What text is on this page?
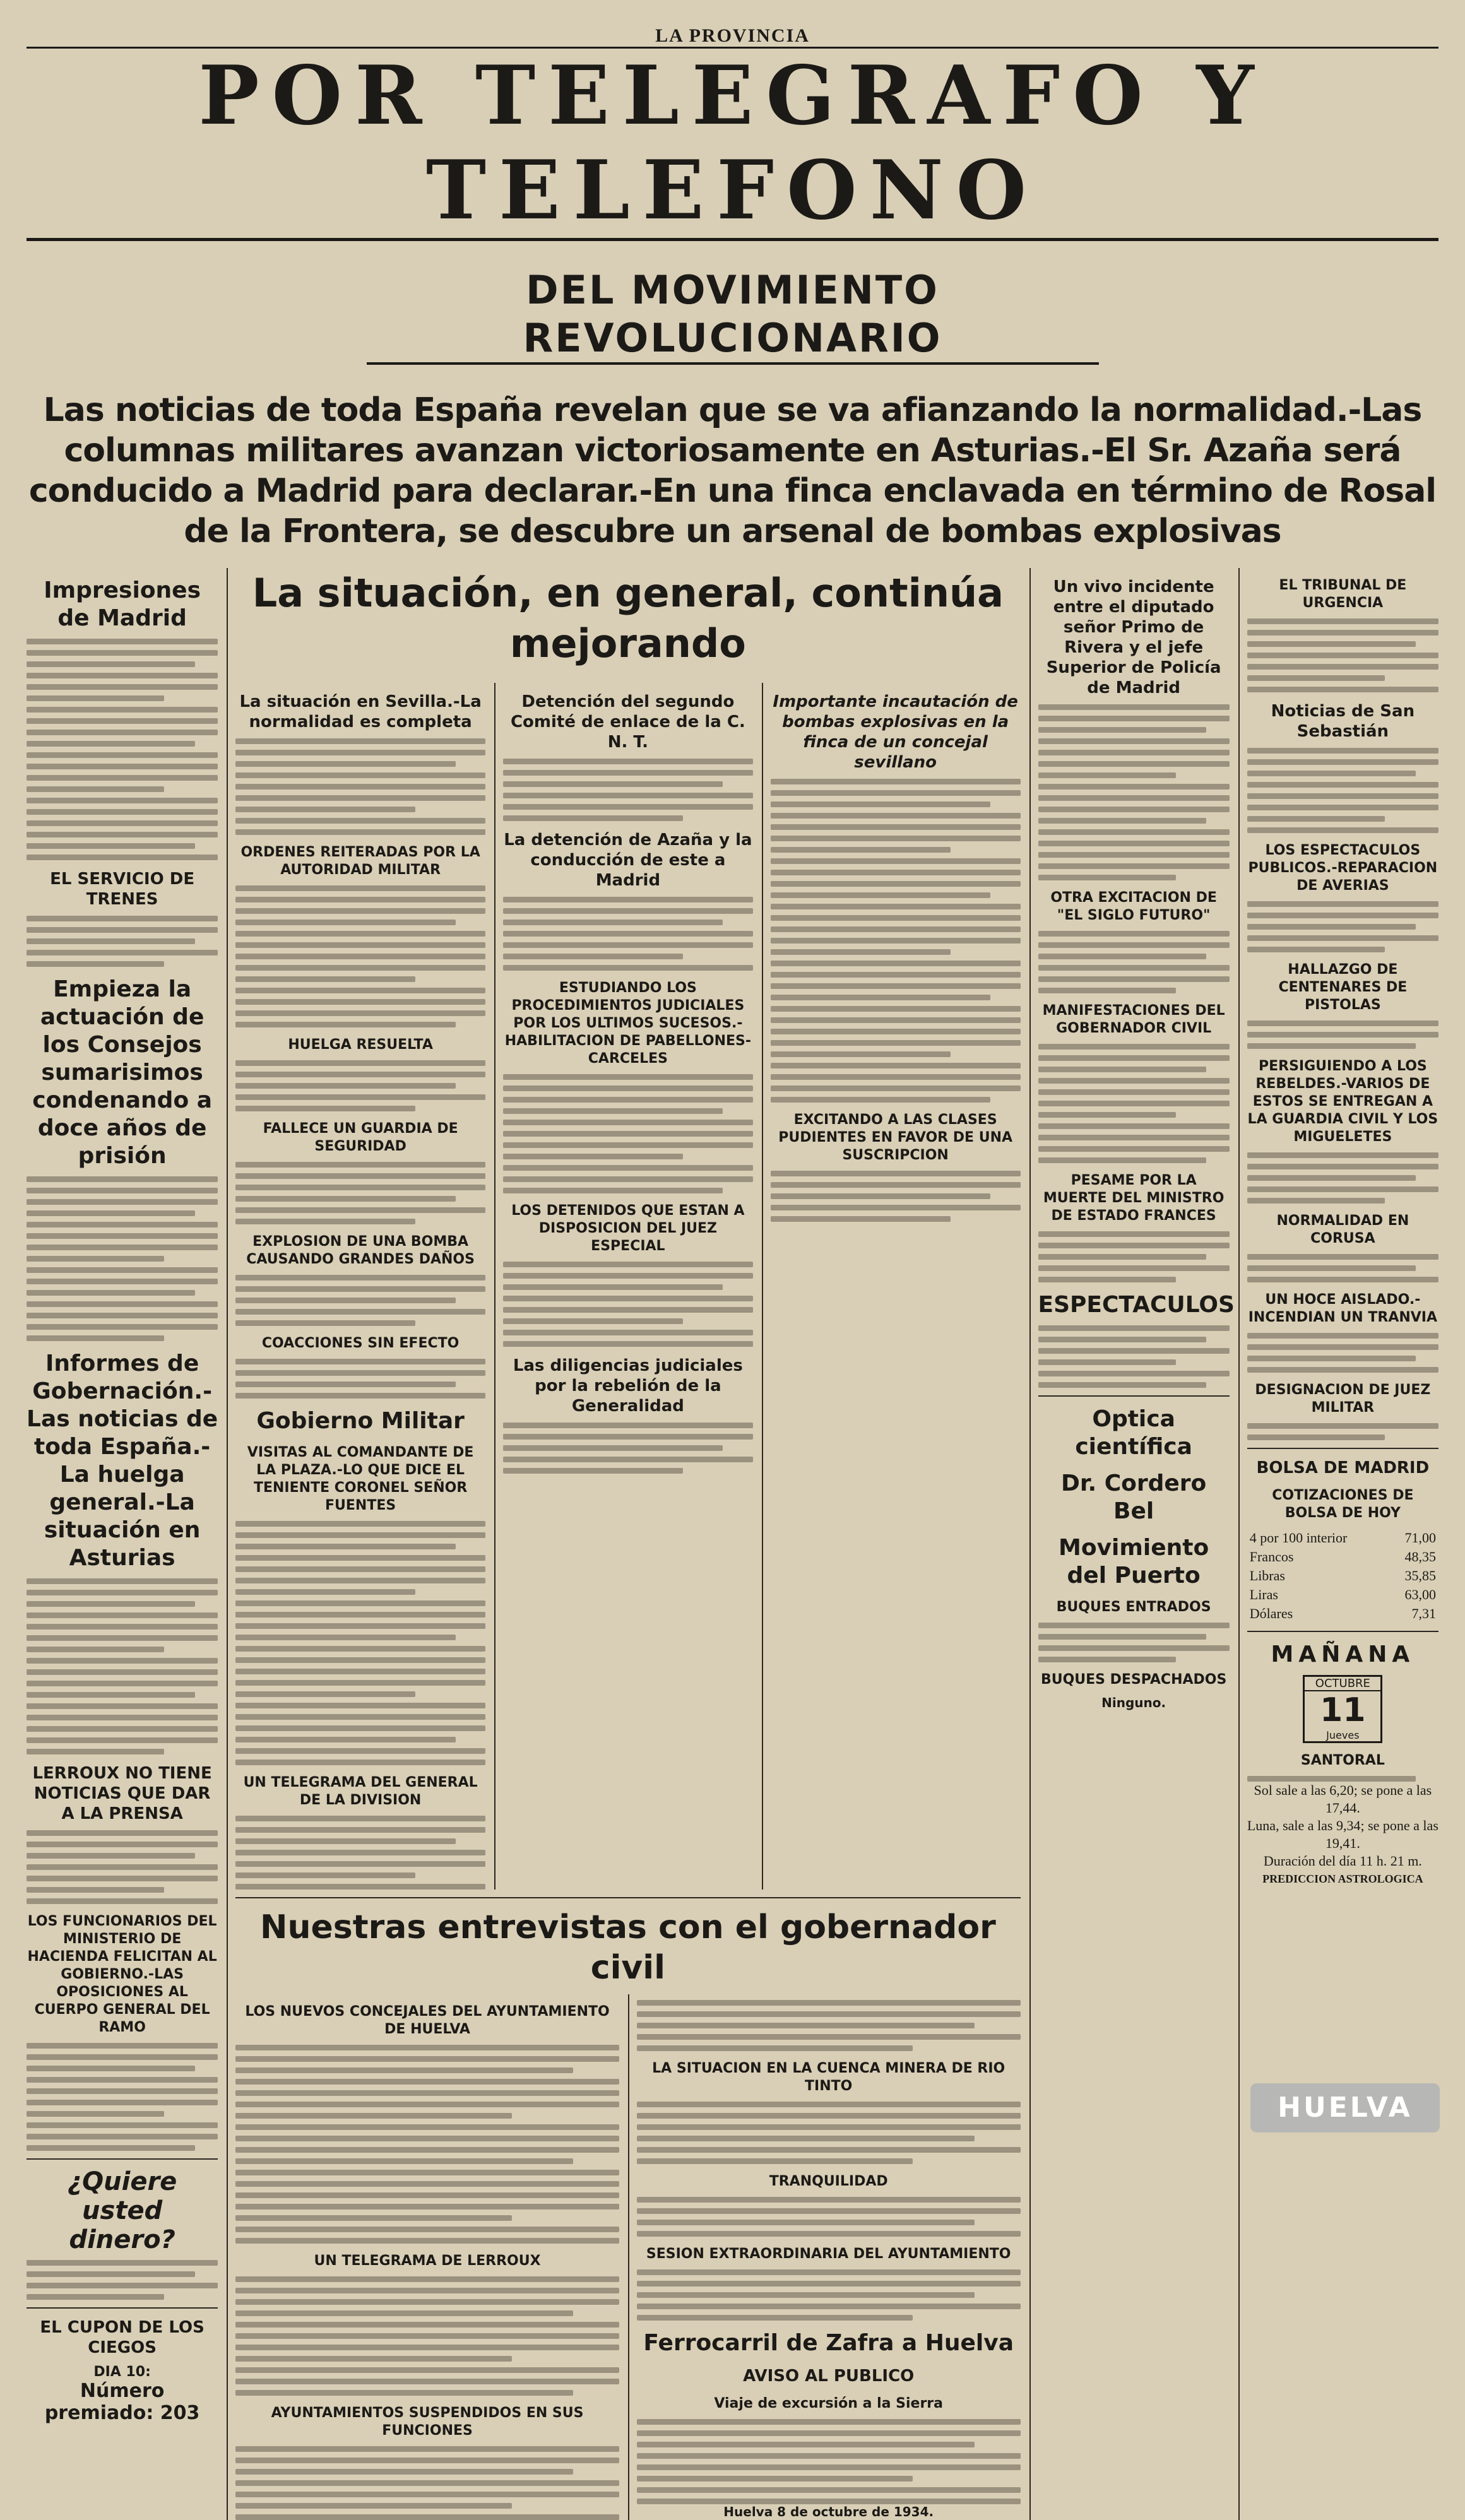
LA PROVINCIA
POR TELEGRAFO Y TELEFONO
DEL MOVIMIENTO REVOLUCIONARIO
Las noticias de toda España revelan que se va afianzando la normalidad.-Las columnas militares avanzan victoriosamente en Asturias.-El Sr. Azaña será conducido a Madrid para declarar.-En una finca enclavada en término de Rosal de la Frontera, se descubre un arsenal de bombas explosivas
Impresiones de Madrid
EL SERVICIO DE TRENES
Empieza la actuación de los Consejos sumarisimos condenando a doce años de prisión
Informes de Gobernación.-Las noticias de toda España.-La huelga general.-La situación en Asturias
LERROUX NO TIENE NOTICIAS QUE DAR A LA PRENSA
LOS FUNCIONARIOS DEL MINISTERIO DE HACIENDA FELICITAN AL GOBIERNO.-LAS OPOSICIONES AL CUERPO GENERAL DEL RAMO
¿Quiere usted dinero?
EL CUPON DE LOS CIEGOS
DIA 10:
Número premiado: 203
La situación, en general, continúa mejorando
La situación en Sevilla.-La normalidad es completa
ORDENES REITERADAS POR LA AUTORIDAD MILITAR
HUELGA RESUELTA
FALLECE UN GUARDIA DE SEGURIDAD
EXPLOSION DE UNA BOMBA CAUSANDO GRANDES DAÑOS
COACCIONES SIN EFECTO
Gobierno Militar
VISITAS AL COMANDANTE DE LA PLAZA.-LO QUE DICE EL TENIENTE CORONEL SEÑOR FUENTES
UN TELEGRAMA DEL GENERAL DE LA DIVISION
Detención del segundo Comité de enlace de la C. N. T.
La detención de Azaña y la conducción de este a Madrid
ESTUDIANDO LOS PROCEDIMIENTOS JUDICIALES POR LOS ULTIMOS SUCESOS.-HABILITACION DE PABELLONES-CARCELES
LOS DETENIDOS QUE ESTAN A DISPOSICION DEL JUEZ ESPECIAL
Las diligencias judiciales por la rebelión de la Generalidad
Importante incautación de bombas explosivas en la finca de un concejal sevillano
EXCITANDO A LAS CLASES PUDIENTES EN FAVOR DE UNA SUSCRIPCION
Nuestras entrevistas con el gobernador civil
LOS NUEVOS CONCEJALES DEL AYUNTAMIENTO DE HUELVA
UN TELEGRAMA DE LERROUX
AYUNTAMIENTOS SUSPENDIDOS EN SUS FUNCIONES
LA SITUACION EN LA CUENCA MINERA DE RIO TINTO
TRANQUILIDAD
SESION EXTRAORDINARIA DEL AYUNTAMIENTO
Ferrocarril de Zafra a Huelva
AVISO AL PUBLICO
Viaje de excursión a la Sierra
Huelva 8 de octubre de 1934.
Un vivo incidente entre el diputado señor Primo de Rivera y el jefe Superior de Policía de Madrid
OTRA EXCITACION DE "EL SIGLO FUTURO"
MANIFESTACIONES DEL GOBERNADOR CIVIL
PESAME POR LA MUERTE DEL MINISTRO DE ESTADO FRANCES
ESPECTACULOS
Optica científica
Dr. Cordero Bel
Movimiento del Puerto
BUQUES ENTRADOS
BUQUES DESPACHADOS
Ninguno.
EL TRIBUNAL DE URGENCIA
Noticias de San Sebastián
LOS ESPECTACULOS PUBLICOS.-REPARACION DE AVERIAS
HALLAZGO DE CENTENARES DE PISTOLAS
PERSIGUIENDO A LOS REBELDES.-VARIOS DE ESTOS SE ENTREGAN A LA GUARDIA CIVIL Y LOS MIGUELETES
NORMALIDAD EN CORUSA
UN HOCE AISLADO.-INCENDIAN UN TRANVIA
DESIGNACION DE JUEZ MILITAR
BOLSA DE MADRID
COTIZACIONES DE BOLSA DE HOY
4 por 100 interior	71,00
Francos	48,35
Libras	35,85
Liras	63,00
Dólares	7,31
MAÑANA
OCTUBRE
11
Jueves
SANTORAL
Sol sale a las 6,20; se pone a las 17,44.
Luna, sale a las 9,34; se pone a las 19,41.
Duración del día 11 h. 21 m.
PREDICCION ASTROLOGICA
HUELVA
